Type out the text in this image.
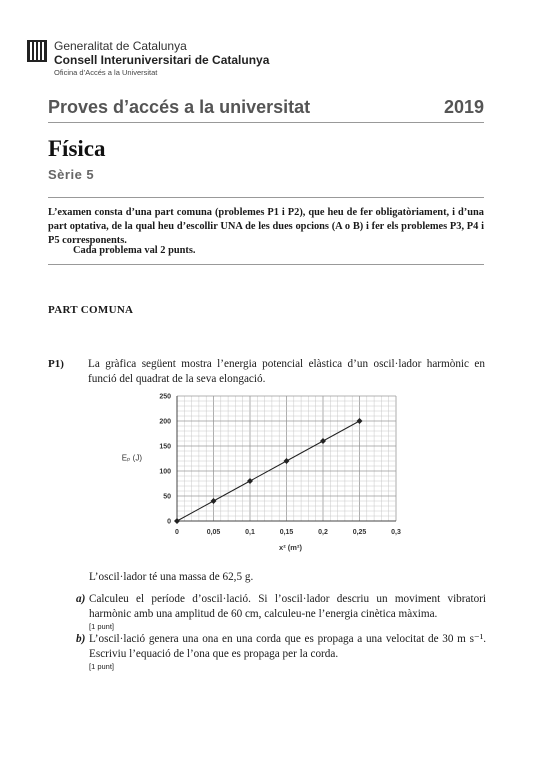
Generalitat de Catalunya
Consell Interuniversitari de Catalunya
Oficina d’Accés a la Universitat
Proves d’accés a la universitat	2019
Física
Sèrie 5
L’examen consta d’una part comuna (problemes P1 i P2), que heu de fer obligatòriament, i d’una part optativa, de la qual heu d’escollir UNA de les dues opcions (A o B) i fer els problemes P3, P4 i P5 corresponents.
Cada problema val 2 punts.
PART COMUNA
P1) La gràfica següent mostra l’energia potencial elàstica d’un oscil·lador harmònic en funció del quadrat de la seva elongació.
0	0,05	0,1	0,15	0,2	0,25	0,3
0
50
100
150
200
250
x² (m²)
Eₚ (J)
L’oscil·lador té una massa de 62,5 g.
a) Calculeu el període d’oscil·lació. Si l’oscil·lador descriu un moviment vibratori harmònic amb una amplitud de 60 cm, calculeu-ne l’energia cinètica màxima.
[1 punt]
b) L’oscil·lació genera una ona en una corda que es propaga a una velocitat de 30 m s⁻¹. Escriviu l’equació de l’ona que es propaga per la corda.
[1 punt]
